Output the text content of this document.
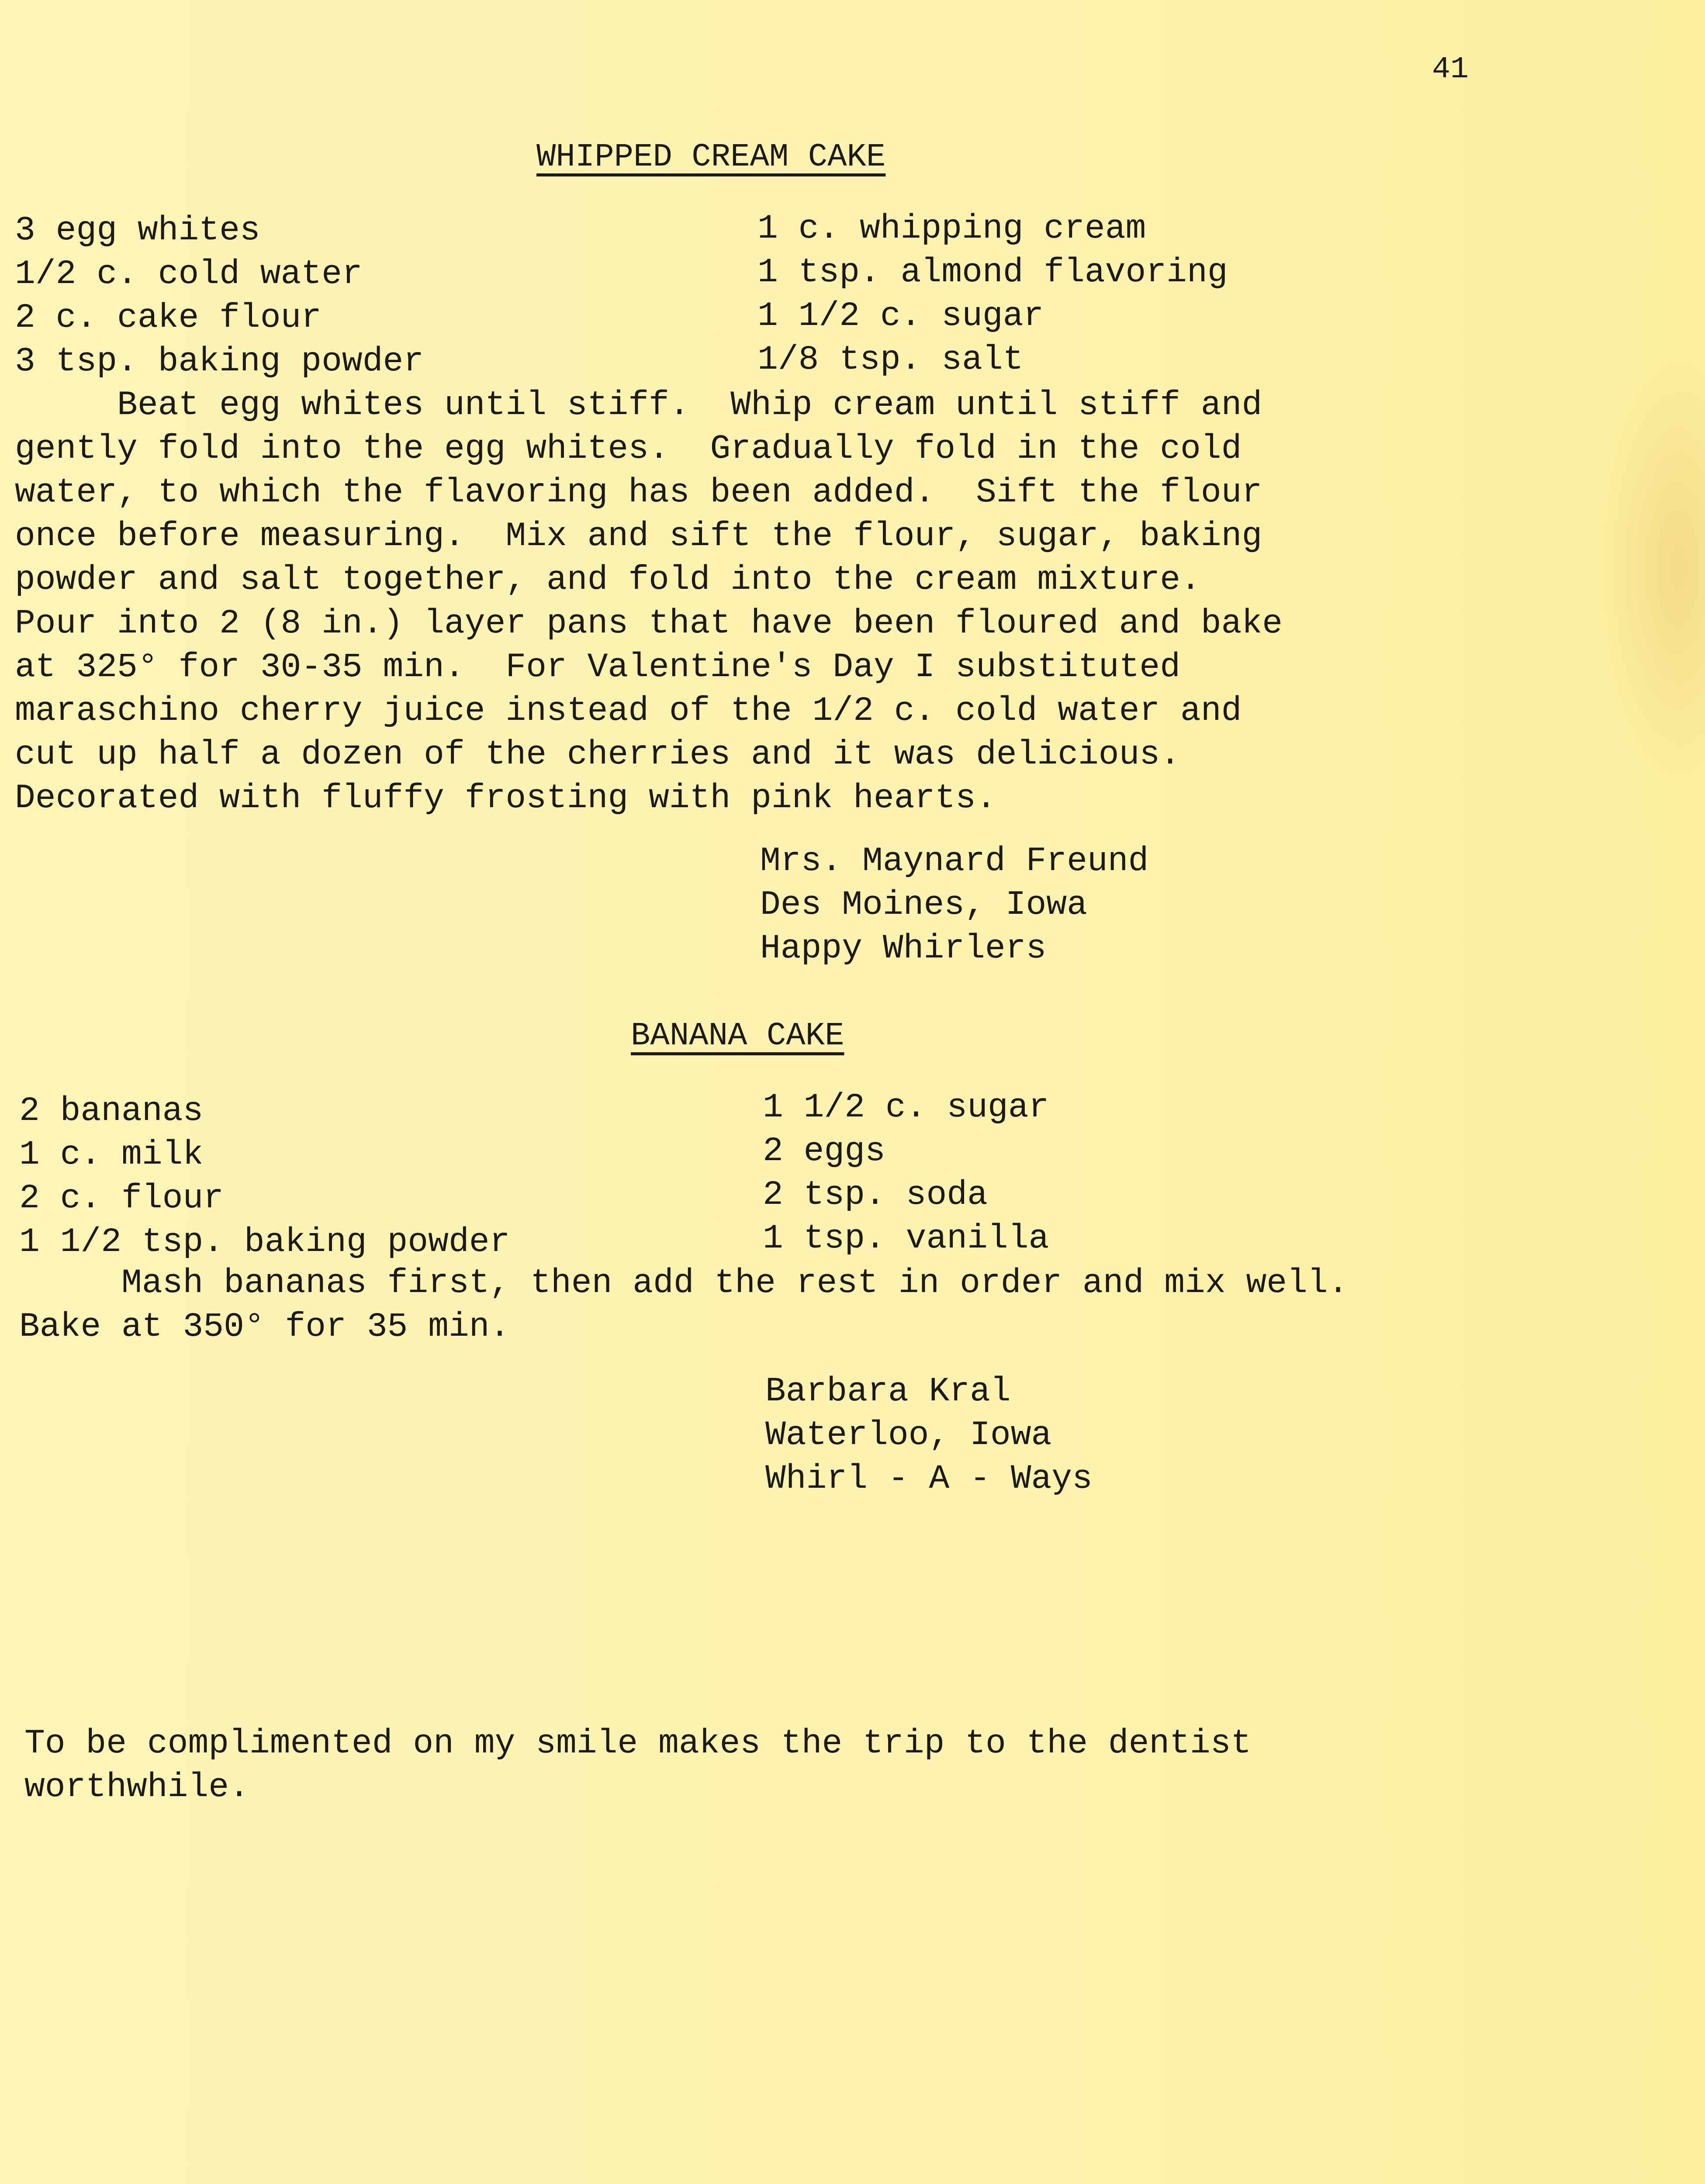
41
WHIPPED CREAM CAKE
3 egg whites
1/2 c. cold water
2 c. cake flour
3 tsp. baking powder
1 c. whipping cream
1 tsp. almond flavoring
1 1/2 c. sugar
1/8 tsp. salt
Beat egg whites until stiff.  Whip cream until stiff and
gently fold into the egg whites.  Gradually fold in the cold
water, to which the flavoring has been added.  Sift the flour
once before measuring.  Mix and sift the flour, sugar, baking
powder and salt together, and fold into the cream mixture.
Pour into 2 (8 in.) layer pans that have been floured and bake
at 325° for 30-35 min.  For Valentine's Day I substituted
maraschino cherry juice instead of the 1/2 c. cold water and
cut up half a dozen of the cherries and it was delicious.
Decorated with fluffy frosting with pink hearts.
Mrs. Maynard Freund
Des Moines, Iowa
Happy Whirlers
BANANA CAKE
2 bananas
1 c. milk
2 c. flour
1 1/2 tsp. baking powder
1 1/2 c. sugar
2 eggs
2 tsp. soda
1 tsp. vanilla
Mash bananas first, then add the rest in order and mix well.
Bake at 350° for 35 min.
Barbara Kral
Waterloo, Iowa
Whirl - A - Ways
To be complimented on my smile makes the trip to the dentist
worthwhile.
